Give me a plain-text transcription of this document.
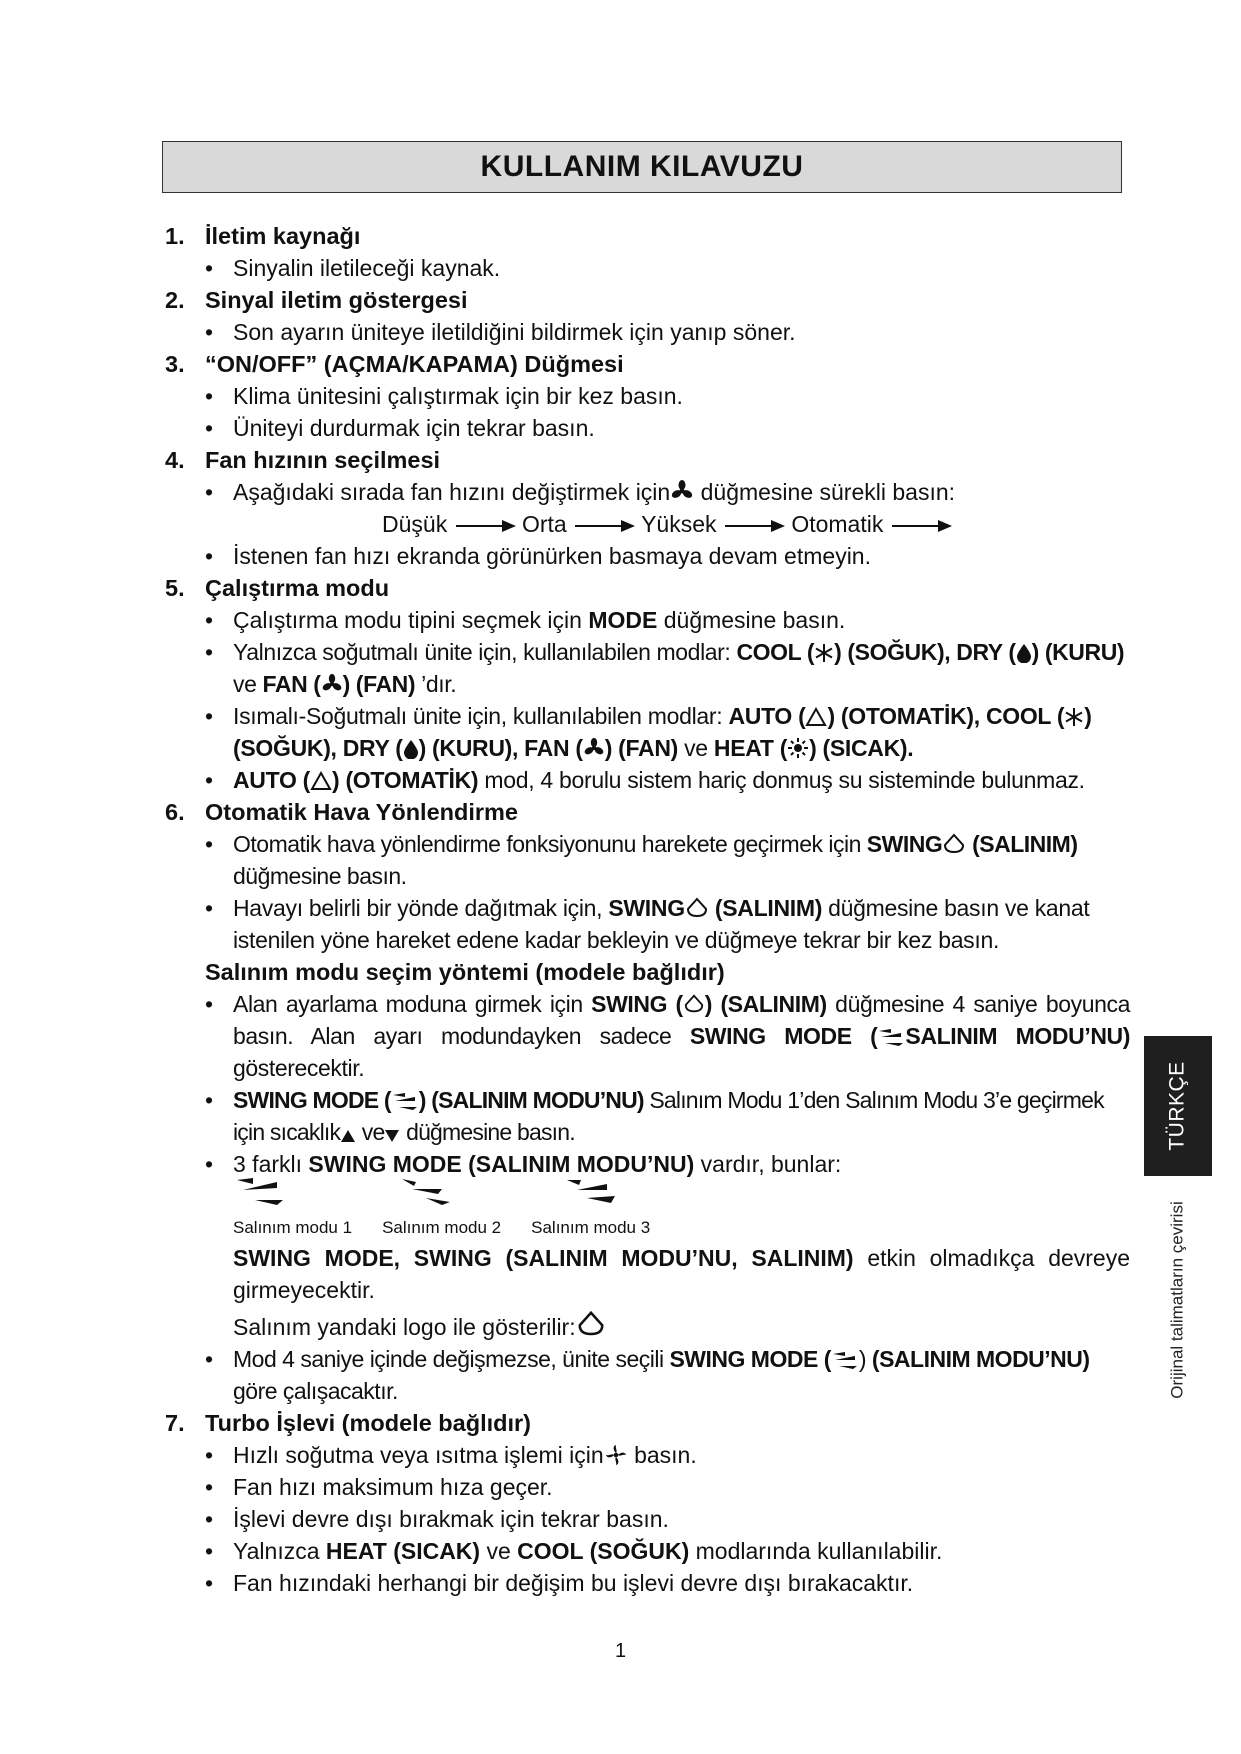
KULLANIM KILAVUZU
1. İletim kaynağı
• Sinyalin iletileceği kaynak.
2. Sinyal iletim göstergesi
• Son ayarın üniteye iletildiğini bildirmek için yanıp söner.
3. “ON/OFF” (AÇMA/KAPAMA) Düğmesi
• Klima ünitesini çalıştırmak için bir kez basın.
• Üniteyi durdurmak için tekrar basın.
4. Fan hızının seçilmesi
• Aşağıdaki sırada fan hızını değiştirmek için düğmesine sürekli basın:
Düşük	Orta	Yüksek	Otomatik
• İstenen fan hızı ekranda görünürken basmaya devam etmeyin.
5. Çalıştırma modu
• Çalıştırma modu tipini seçmek için MODE düğmesine basın.
• Yalnızca soğutmalı ünite için, kullanılabilen modlar: COOL ( ) (SOĞUK), DRY ( ) (KURU)
ve FAN ( ) (FAN) ’dır.
• Isımalı-Soğutmalı ünite için, kullanılabilen modlar: AUTO ( ) (OTOMATİK), COOL ( )
(SOĞUK), DRY ( ) (KURU), FAN ( ) (FAN) ve HEAT ( ) (SICAK).
• AUTO ( ) (OTOMATİK) mod, 4 borulu sistem hariç donmuş su sisteminde bulunmaz.
6. Otomatik Hava Yönlendirme
• Otomatik hava yönlendirme fonksiyonunu harekete geçirmek için SWING (SALINIM)
düğmesine basın.
• Havayı belirli bir yönde dağıtmak için, SWING (SALINIM) düğmesine basın ve kanat istenilen yöne hareket edene kadar bekleyin ve düğmeye tekrar bir kez basın.
Salınım modu seçim yöntemi (modele bağlıdır)
• Alan ayarlama moduna girmek için SWING ( ) (SALINIM) düğmesine 4 saniye boyunca basın. Alan ayarı modundayken sadece SWING MODE ( SALINIM MODU’NU) gösterecektir.
• SWING MODE ( ) (SALINIM MODU’NU) Salınım Modu 1’den Salınım Modu 3’e geçirmek için sıcaklık ve düğmesine basın.
• 3 farklı SWING MODE (SALINIM MODU’NU) vardır, bunlar:
Salınım modu 1 Salınım modu 2 Salınım modu 3
SWING MODE, SWING (SALINIM MODU’NU, SALINIM) etkin olmadıkça devreye girmeyecektir.
Salınım yandaki logo ile gösterilir:
• Mod 4 saniye içinde değişmezse, ünite seçili SWING MODE ( ) (SALINIM MODU’NU)
göre çalışacaktır.
7. Turbo İşlevi (modele bağlıdır)
• Hızlı soğutma veya ısıtma işlemi için basın.
• Fan hızı maksimum hıza geçer.
• İşlevi devre dışı bırakmak için tekrar basın.
• Yalnızca HEAT (SICAK) ve COOL (SOĞUK) modlarında kullanılabilir.
• Fan hızındaki herhangi bir değişim bu işlevi devre dışı bırakacaktır.
TÜRKÇE
Orijinal talimatların çevirisi
1
